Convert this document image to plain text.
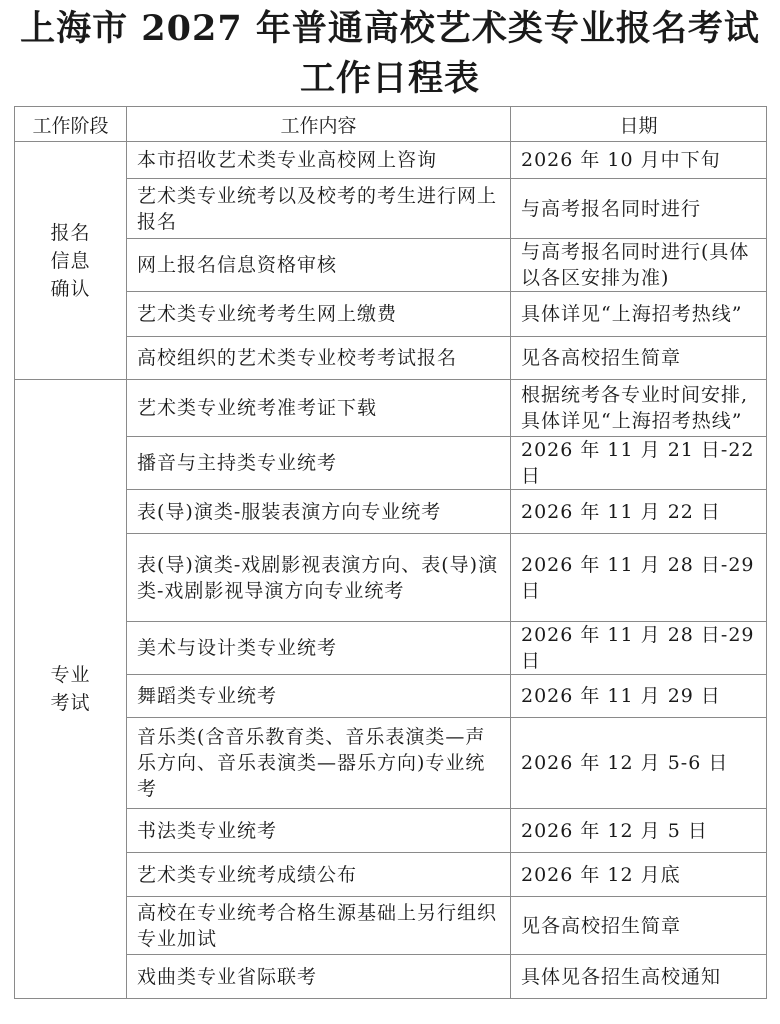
上海市 2027 年普通高校艺术类专业报名考试
工作日程表
工作阶段	工作内容	日期
报名信息确认	本市招收艺术类专业高校网上咨询	2026 年 10 月中下旬
	艺术类专业统考以及校考的考生进行网上报名	与高考报名同时进行
	网上报名信息资格审核	与高考报名同时进行(具体以各区安排为准)
	艺术类专业统考考生网上缴费	具体详见“上海招考热线”
	高校组织的艺术类专业校考考试报名	见各高校招生简章
专业考试	艺术类专业统考准考证下载	根据统考各专业时间安排,具体详见“上海招考热线”
	播音与主持类专业统考	2026 年 11 月 21 日-22 日
	表(导)演类-服装表演方向专业统考	2026 年 11 月 22 日
	表(导)演类-戏剧影视表演方向、表(导)演类-戏剧影视导演方向专业统考	2026 年 11 月 28 日-29 日
	美术与设计类专业统考	2026 年 11 月 28 日-29 日
	舞蹈类专业统考	2026 年 11 月 29 日
	音乐类(含音乐教育类、音乐表演类—声乐方向、音乐表演类—器乐方向)专业统考	2026 年 12 月 5-6 日
	书法类专业统考	2026 年 12 月 5 日
	艺术类专业统考成绩公布	2026 年 12 月底
	高校在专业统考合格生源基础上另行组织专业加试	见各高校招生简章
	戏曲类专业省际联考	具体见各招生高校通知
